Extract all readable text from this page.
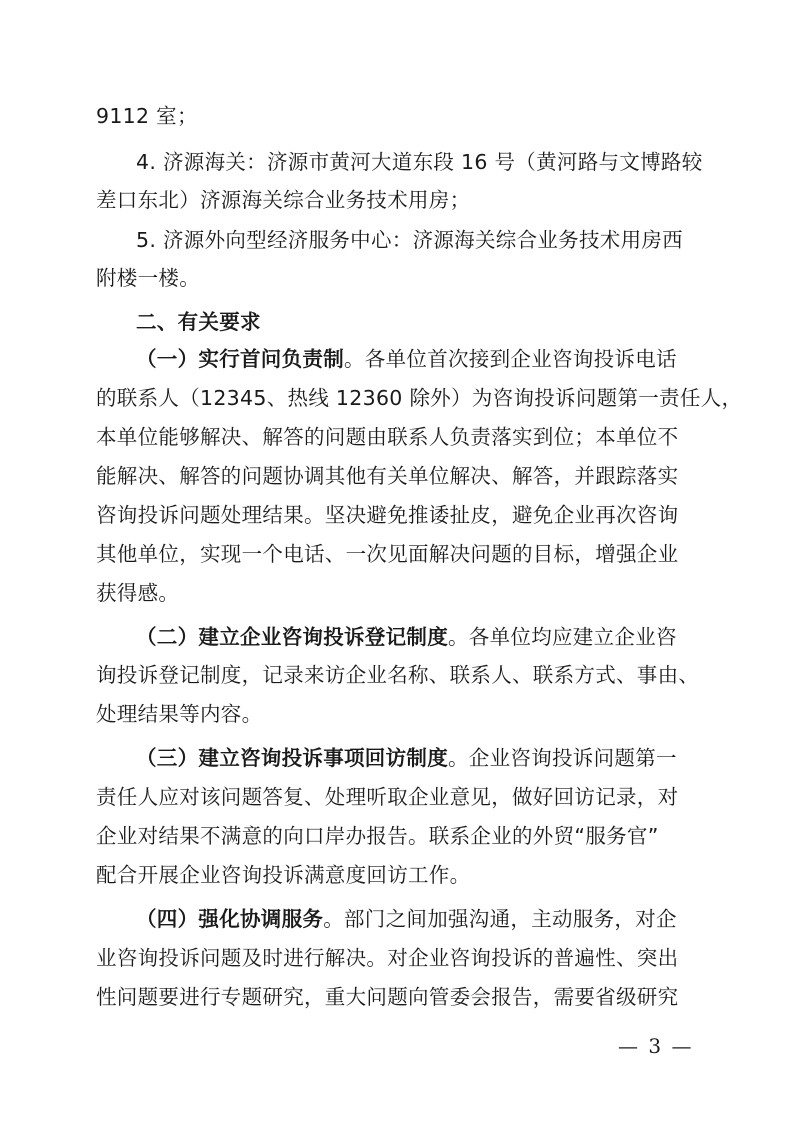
9112 室；
4. 济源海关：济源市黄河大道东段 16 号（黄河路与文博路较
差口东北）济源海关综合业务技术用房；
5. 济源外向型经济服务中心：济源海关综合业务技术用房西
附楼一楼。
二、有关要求
（一）实行首问负责制。各单位首次接到企业咨询投诉电话
的联系人（12345、热线 12360 除外）为咨询投诉问题第一责任人，
本单位能够解决、解答的问题由联系人负责落实到位；本单位不
能解决、解答的问题协调其他有关单位解决、解答，并跟踪落实
咨询投诉问题处理结果。坚决避免推诿扯皮，避免企业再次咨询
其他单位，实现一个电话、一次见面解决问题的目标，增强企业
获得感。
（二）建立企业咨询投诉登记制度。各单位均应建立企业咨
询投诉登记制度，记录来访企业名称、联系人、联系方式、事由、
处理结果等内容。
（三）建立咨询投诉事项回访制度。企业咨询投诉问题第一
责任人应对该问题答复、处理听取企业意见，做好回访记录，对
企业对结果不满意的向口岸办报告。联系企业的外贸“服务官”
配合开展企业咨询投诉满意度回访工作。
（四）强化协调服务。部门之间加强沟通，主动服务，对企
业咨询投诉问题及时进行解决。对企业咨询投诉的普遍性、突出
性问题要进行专题研究，重大问题向管委会报告，需要省级研究
— 3 —
